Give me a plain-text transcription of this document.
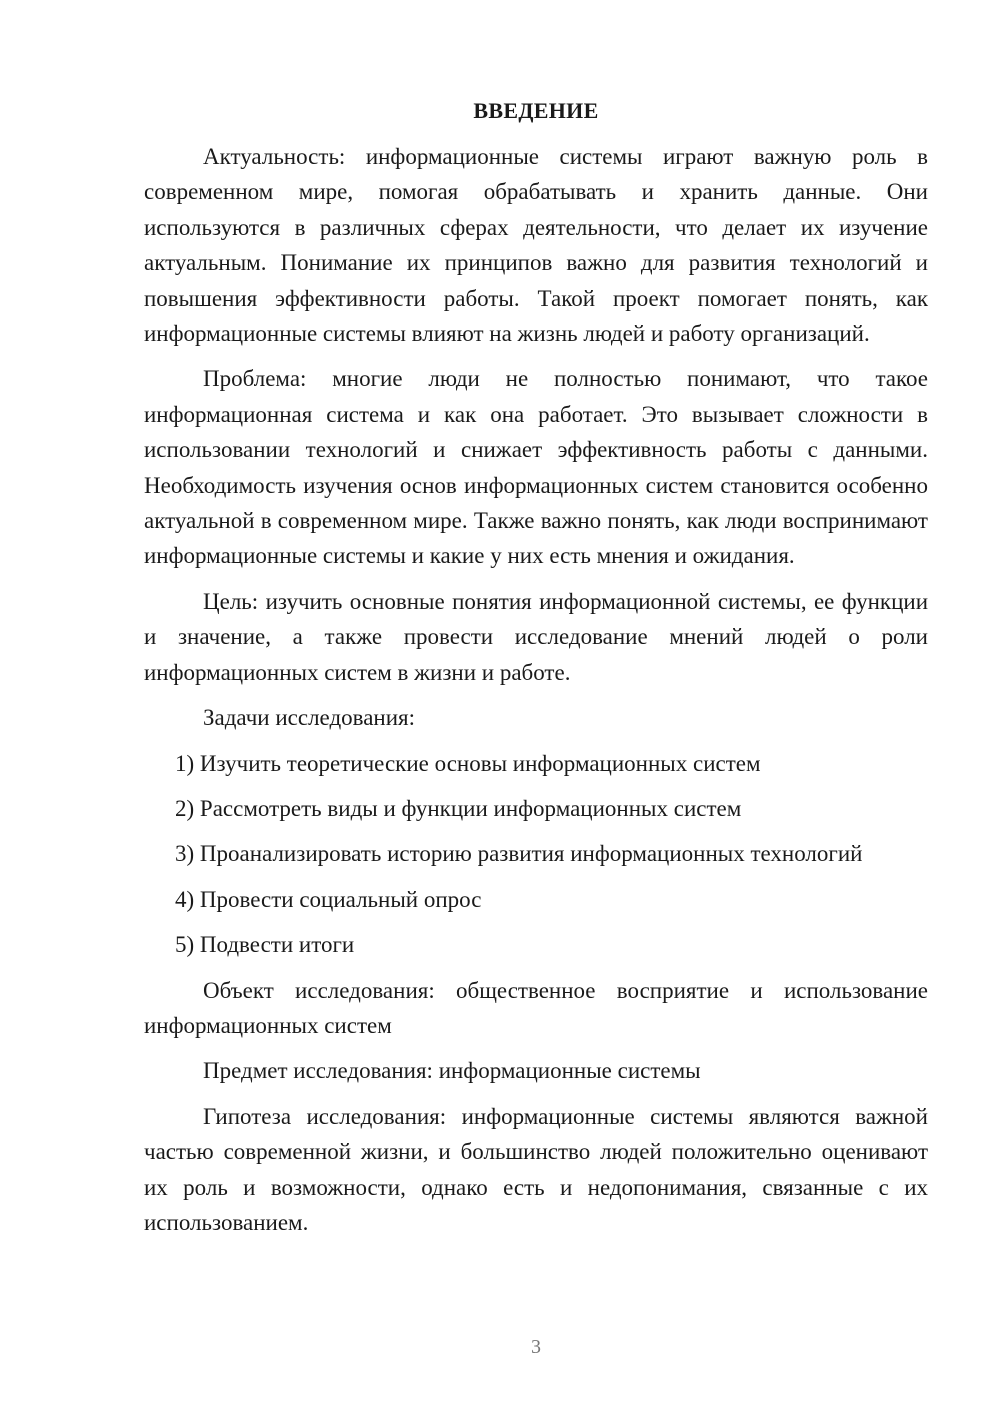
ВВЕДЕНИЕ

Актуальность: информационные системы играют важную роль в современном мире, помогая обрабатывать и хранить данные. Они используются в различных сферах деятельности, что делает их изучение актуальным. Понимание их принципов важно для развития технологий и повышения эффективности работы. Такой проект помогает понять, как информационные системы влияют на жизнь людей и работу организаций.

Проблема: многие люди не полностью понимают, что такое информационная система и как она работает. Это вызывает сложности в использовании технологий и снижает эффективность работы с данными. Необходимость изучения основ информационных систем становится особенно актуальной в современном мире. Также важно понять, как люди воспринимают информационные системы и какие у них есть мнения и ожидания.

Цель: изучить основные понятия информационной системы, ее функции и значение, а также провести исследование мнений людей о роли информационных систем в жизни и работе.

Задачи исследования:

1) Изучить теоретические основы информационных систем
2) Рассмотреть виды и функции информационных систем
3) Проанализировать историю развития информационных технологий
4) Провести социальный опрос
5) Подвести итоги

Объект исследования: общественное восприятие и использование информационных систем

Предмет исследования: информационные системы

Гипотеза исследования: информационные системы являются важной частью современной жизни, и большинство людей положительно оценивают их роль и возможности, однако есть и недопонимания, связанные с их использованием.

3
